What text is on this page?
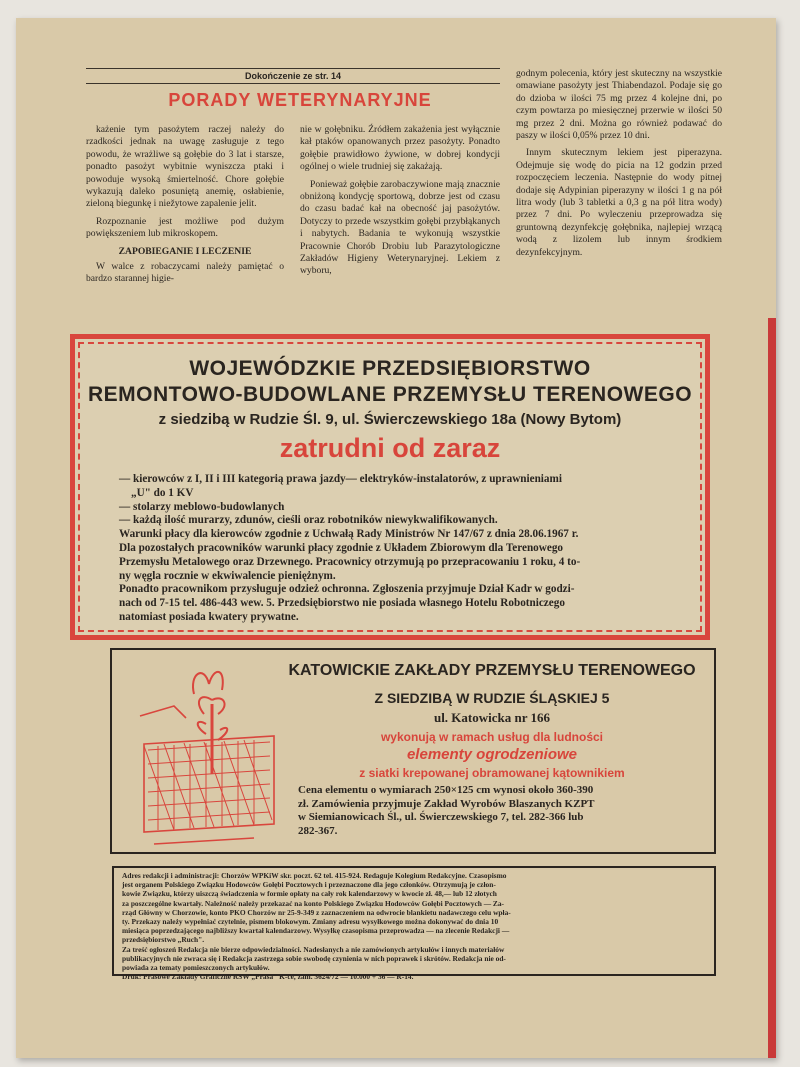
Dokończenie ze str. 14
PORADY WETERYNARYJNE

każenie tym pasożytem raczej należy do rzadkości jednak na uwagę zasługuje z tego powodu, że wrażliwe są gołębie do 3 lat i starsze, ponadto pasożyt wybitnie wyniszcza ptaki i powoduje wysoką śmiertelność. Chore gołębie wykazują daleko posuniętą anemię, osłabienie, zieloną biegunkę i niežytowe zapalenie jelit.

Rozpoznanie jest możliwe pod dużym powiększeniem lub mikroskopem.

ZAPOBIEGANIE I LECZENIE

W walce z robaczycami należy pamiętać o bardzo starannej higie-

nie w gołębniku. Źródłem zakażenia jest wyłącznie kał ptaków opanowanych przez pasożyty. Ponadto gołębie prawidłowo żywione, w dobrej kondycji ogólnej o wiele trudniej się zakażają.

Ponieważ gołębie zarobaczywione mają znacznie obniżoną kondycję sportową, dobrze jest od czasu do czasu badać kał na obecność jaj pasożytów. Dotyczy to przede wszystkim gołębi przybłąkanych i nabytych. Badania te wykonują wszystkie Pracownie Chorób Drobiu lub Parazytologiczne Zakładów Higieny Weterynaryjnej. Lekiem z wyboru,

godnym polecenia, który jest skuteczny na wszystkie omawiane pasożyty jest Thiabendazol. Podaje się go do dzioba w ilości 75 mg przez 4 kolejne dni, po czym powtarza po miesięcznej przerwie w ilości 50 mg przez 2 dni. Można go również podawać do paszy w ilości 0,05% przez 10 dni.

Innym skutecznym lekiem jest piperazyna. Odejmuje się wodę do picia na 12 godzin przed rozpoczęciem leczenia. Następnie do wody pitnej dodaje się Adypinian piperazyny w ilości 1 g na pół litra wody (lub 3 tabletki a 0,3 g na pół litra wody) przez 7 dni. Po wyleczeniu przeprowadza się gruntowną dezynfekcję gołębnika, najlepiej wrzącą wodą z lizolem lub innym środkiem dezynfekcyjnym.

WOJEWÓDZKIE PRZEDSIĘBIORSTWO
REMONTOWO-BUDOWLANE PRZEMYSŁU TERENOWEGO
z siedzibą w Rudzie Śl. 9, ul. Świerczewskiego 18a (Nowy Bytom)
zatrudni od zaraz
— kierowców z I, II i III kategorią prawa jazdy— elektryków-instalatorów, z uprawnieniami
„U" do 1 KV
— stolarzy meblowo-budowlanych
— każdą ilość murarzy, zdunów, cieśli oraz robotników niewykwalifikowanych.
Warunki płacy dla kierowców zgodnie z Uchwałą Rady Ministrów Nr 147/67 z dnia 28.06.1967 r.
Dla pozostałych pracowników warunki płacy zgodnie z Układem Zbiorowym dla Terenowego
Przemysłu Metalowego oraz Drzewnego. Pracownicy otrzymują po przepracowaniu 1 roku, 4 to-
ny węgla rocznie w ekwiwalencie pieniężnym.
Ponadto pracownikom przysługuje odzież ochronna. Zgłoszenia przyjmuje Dział Kadr w godzi-
nach od 7-15 tel. 486-443 wew. 5. Przedsiębiorstwo nie posiada własnego Hotelu Robotniczego
natomiast posiada kwatery prywatne.
KATOWICKIE ZAKŁADY PRZEMYSŁU TERENOWEGO
Z SIEDZIBĄ W RUDZIE ŚLĄSKIEJ 5
ul. Katowicka nr 166
wykonują w ramach usług dla ludności
elementy ogrodzeniowe
z siatki krepowanej obramowanej kątownikiem
Cena elementu o wymiarach 250×125 cm wynosi około 360-390
zł. Zamówienia przyjmuje Zakład Wyrobów Blaszanych KZPT
w Siemianowicach Śl., ul. Świerczewskiego 7, tel. 282-366 lub
282-367.
Adres redakcji i administracji: Chorzów WPKiW skr. poczt. 62 tel. 415-924. Redaguje Kolegium Redakcyjne. Czasopismo
jest organem Polskiego Związku Hodowców Gołębi Pocztowych i przeznaczone dla jego członków. Otrzymują je człon-
kowie Związku, którzy uiszczą świadczenia w formie opłaty na cały rok kalendarzowy w kwocie zł. 48,— lub 12 złotych
za poszczególne kwartały. Należność należy przekazać na konto Polskiego Związku Hodowców Gołębi Pocztowych — Za-
rząd Główny w Chorzowie, konto PKO Chorzów nr 25-9-349 z zaznaczeniem na odwrocie blankietu nadawczego celu wpła-
ty. Przekazy należy wypełniać czytelnie, pismem blokowym. Zmiany adresu wysyłkowego można dokonywać do dnia 10
miesiąca poprzedzającego najbliższy kwartał kalendarzowy. Wysyłkę czasopisma przeprowadza — na zlecenie Redakcji —
przedsiębiorstwo „Ruch".
Za treść ogłoszeń Redakcja nie bierze odpowiedzialności. Nadesłanych a nie zamówionych artykułów i innych materiałów
publikacyjnych nie zwraca się i Redakcja zastrzega sobie swobodę czynienia w nich poprawek i skrótów. Redakcja nie od-
powiada za tematy pomieszczonych artykułów.
Druk: Prasowe Zakłady Graficzne RSW „Prasa" K-ce, zam. 3624/72 — 10.000 + 36 — R-14.
